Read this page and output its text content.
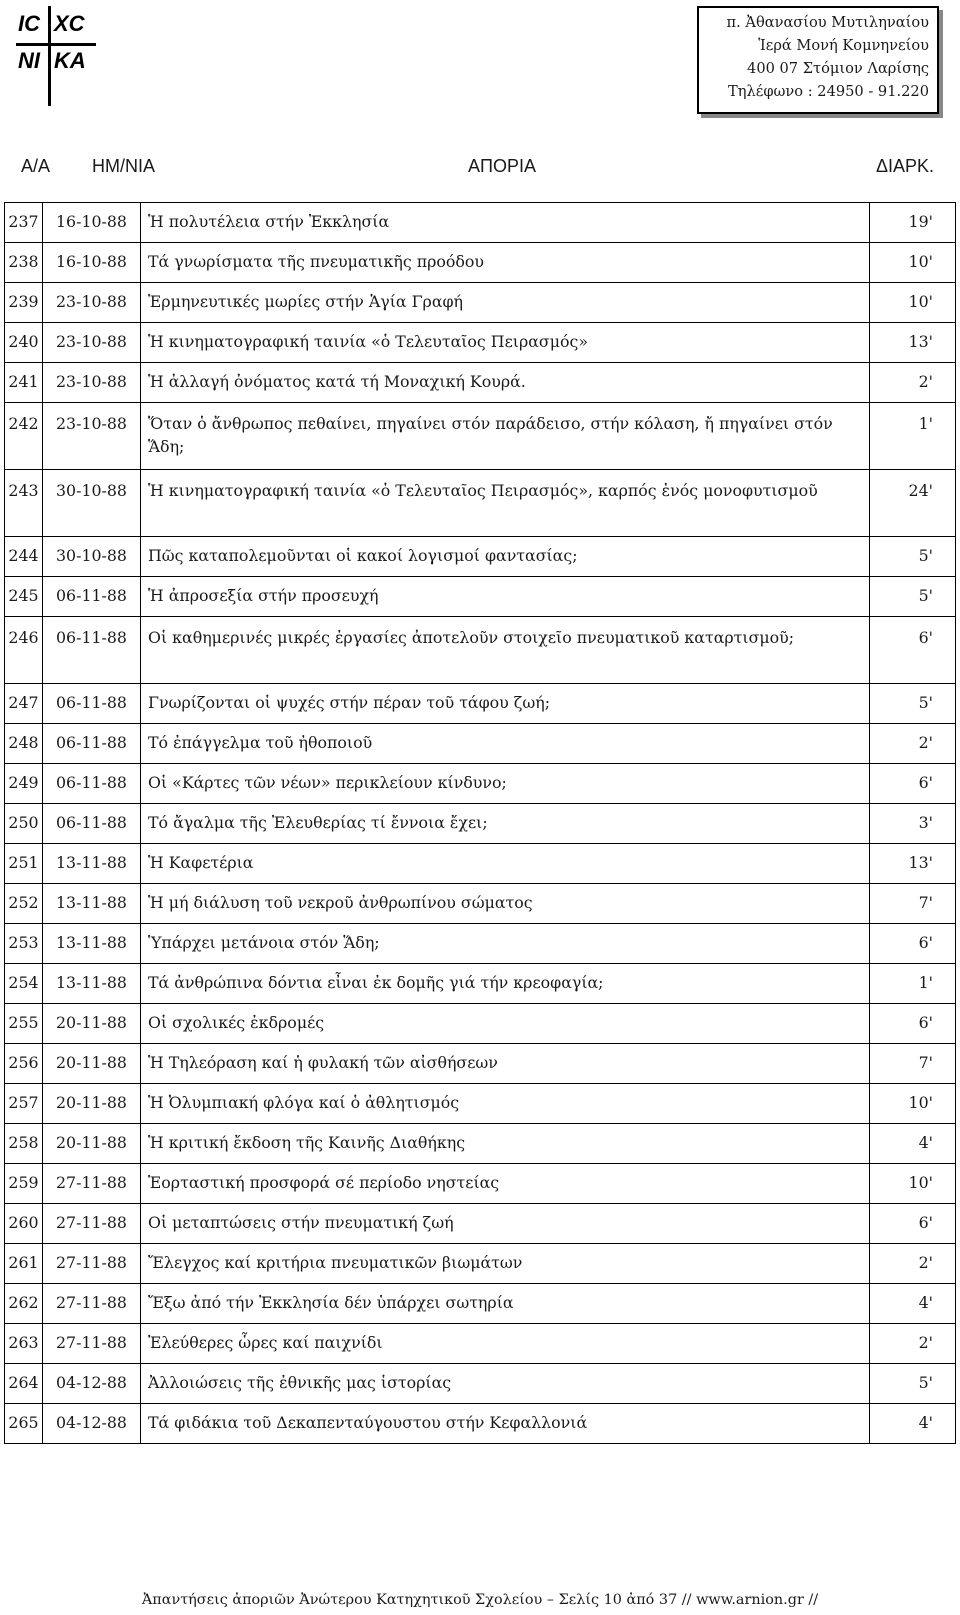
IC XC
NI KA
π. Ἀθανασίου Μυτιληναίου
Ἱερά Μονή Κομνηνείου
400 07 Στόμιον Λαρίσης
Τηλέφωνο : 24950 - 91.220
Α/Α ΗΜ/ΝΙΑ	ΑΠΟΡΙΑ	ΔΙΑΡΚ.
237	16-10-88	Ἡ πολυτέλεια στήν Ἐκκλησία	19'
238	16-10-88	Τά γνωρίσματα τῆς πνευματικῆς προόδου	10'
239	23-10-88	Ἑρμηνευτικές μωρίες στήν Ἁγία Γραφή	10'
240	23-10-88	Ἡ κινηματογραφική ταινία «ὁ Τελευταῖος Πειρασμός»	13'
241	23-10-88	Ἡ ἀλλαγή ὀνόματος κατά τή Μοναχική Κουρά.	2'
242	23-10-88	Ὅταν ὁ ἄνθρωπος πεθαίνει, πηγαίνει στόν παράδεισο, στήν κόλαση, ἤ πηγαίνει στόν Ἅδη;	1'
243	30-10-88	Ἡ κινηματογραφική ταινία «ὁ Τελευταῖος Πειρασμός», καρπός ἑνός μονοφυτισμοῦ	24'
244	30-10-88	Πῶς καταπολεμοῦνται οἱ κακοί λογισμοί φαντασίας;	5'
245	06-11-88	Ἡ ἀπροσεξία στήν προσευχή	5'
246	06-11-88	Οἱ καθημερινές μικρές ἐργασίες ἀποτελοῦν στοιχεῖο πνευματικοῦ καταρτισμοῦ;	6'
247	06-11-88	Γνωρίζονται οἱ ψυχές στήν πέραν τοῦ τάφου ζωή;	5'
248	06-11-88	Τό ἐπάγγελμα τοῦ ἠθοποιοῦ	2'
249	06-11-88	Οἱ «Κάρτες τῶν νέων» περικλείουν κίνδυνο;	6'
250	06-11-88	Τό ἄγαλμα τῆς Ἐλευθερίας τί ἔννοια ἔχει;	3'
251	13-11-88	Ἡ Καφετέρια	13'
252	13-11-88	Ἡ μή διάλυση τοῦ νεκροῦ ἀνθρωπίνου σώματος	7'
253	13-11-88	Ὑπάρχει μετάνοια στόν Ἅδη;	6'
254	13-11-88	Τά ἀνθρώπινα δόντια εἶναι ἐκ δομῆς γιά τήν κρεοφαγία;	1'
255	20-11-88	Οἱ σχολικές ἐκδρομές	6'
256	20-11-88	Ἡ Τηλεόραση καί ἡ φυλακή τῶν αἰσθήσεων	7'
257	20-11-88	Ἡ Ὀλυμπιακή φλόγα καί ὁ ἀθλητισμός	10'
258	20-11-88	Ἡ κριτική ἔκδοση τῆς Καινῆς Διαθήκης	4'
259	27-11-88	Ἑορταστική προσφορά σέ περίοδο νηστείας	10'
260	27-11-88	Οἱ μεταπτώσεις στήν πνευματική ζωή	6'
261	27-11-88	Ἔλεγχος καί κριτήρια πνευματικῶν βιωμάτων	2'
262	27-11-88	Ἔξω ἀπό τήν Ἐκκλησία δέν ὑπάρχει σωτηρία	4'
263	27-11-88	Ἐλεύθερες ὧρες καί παιχνίδι	2'
264	04-12-88	Ἀλλοιώσεις τῆς ἐθνικῆς μας ἱστορίας	5'
265	04-12-88	Τά φιδάκια τοῦ Δεκαπενταύγουστου στήν Κεφαλλονιά	4'
Ἀπαντήσεις ἀποριῶν Ἀνώτερου Κατηχητικοῦ Σχολείου – Σελίς 10 ἀπό 37 // www.arnion.gr //
